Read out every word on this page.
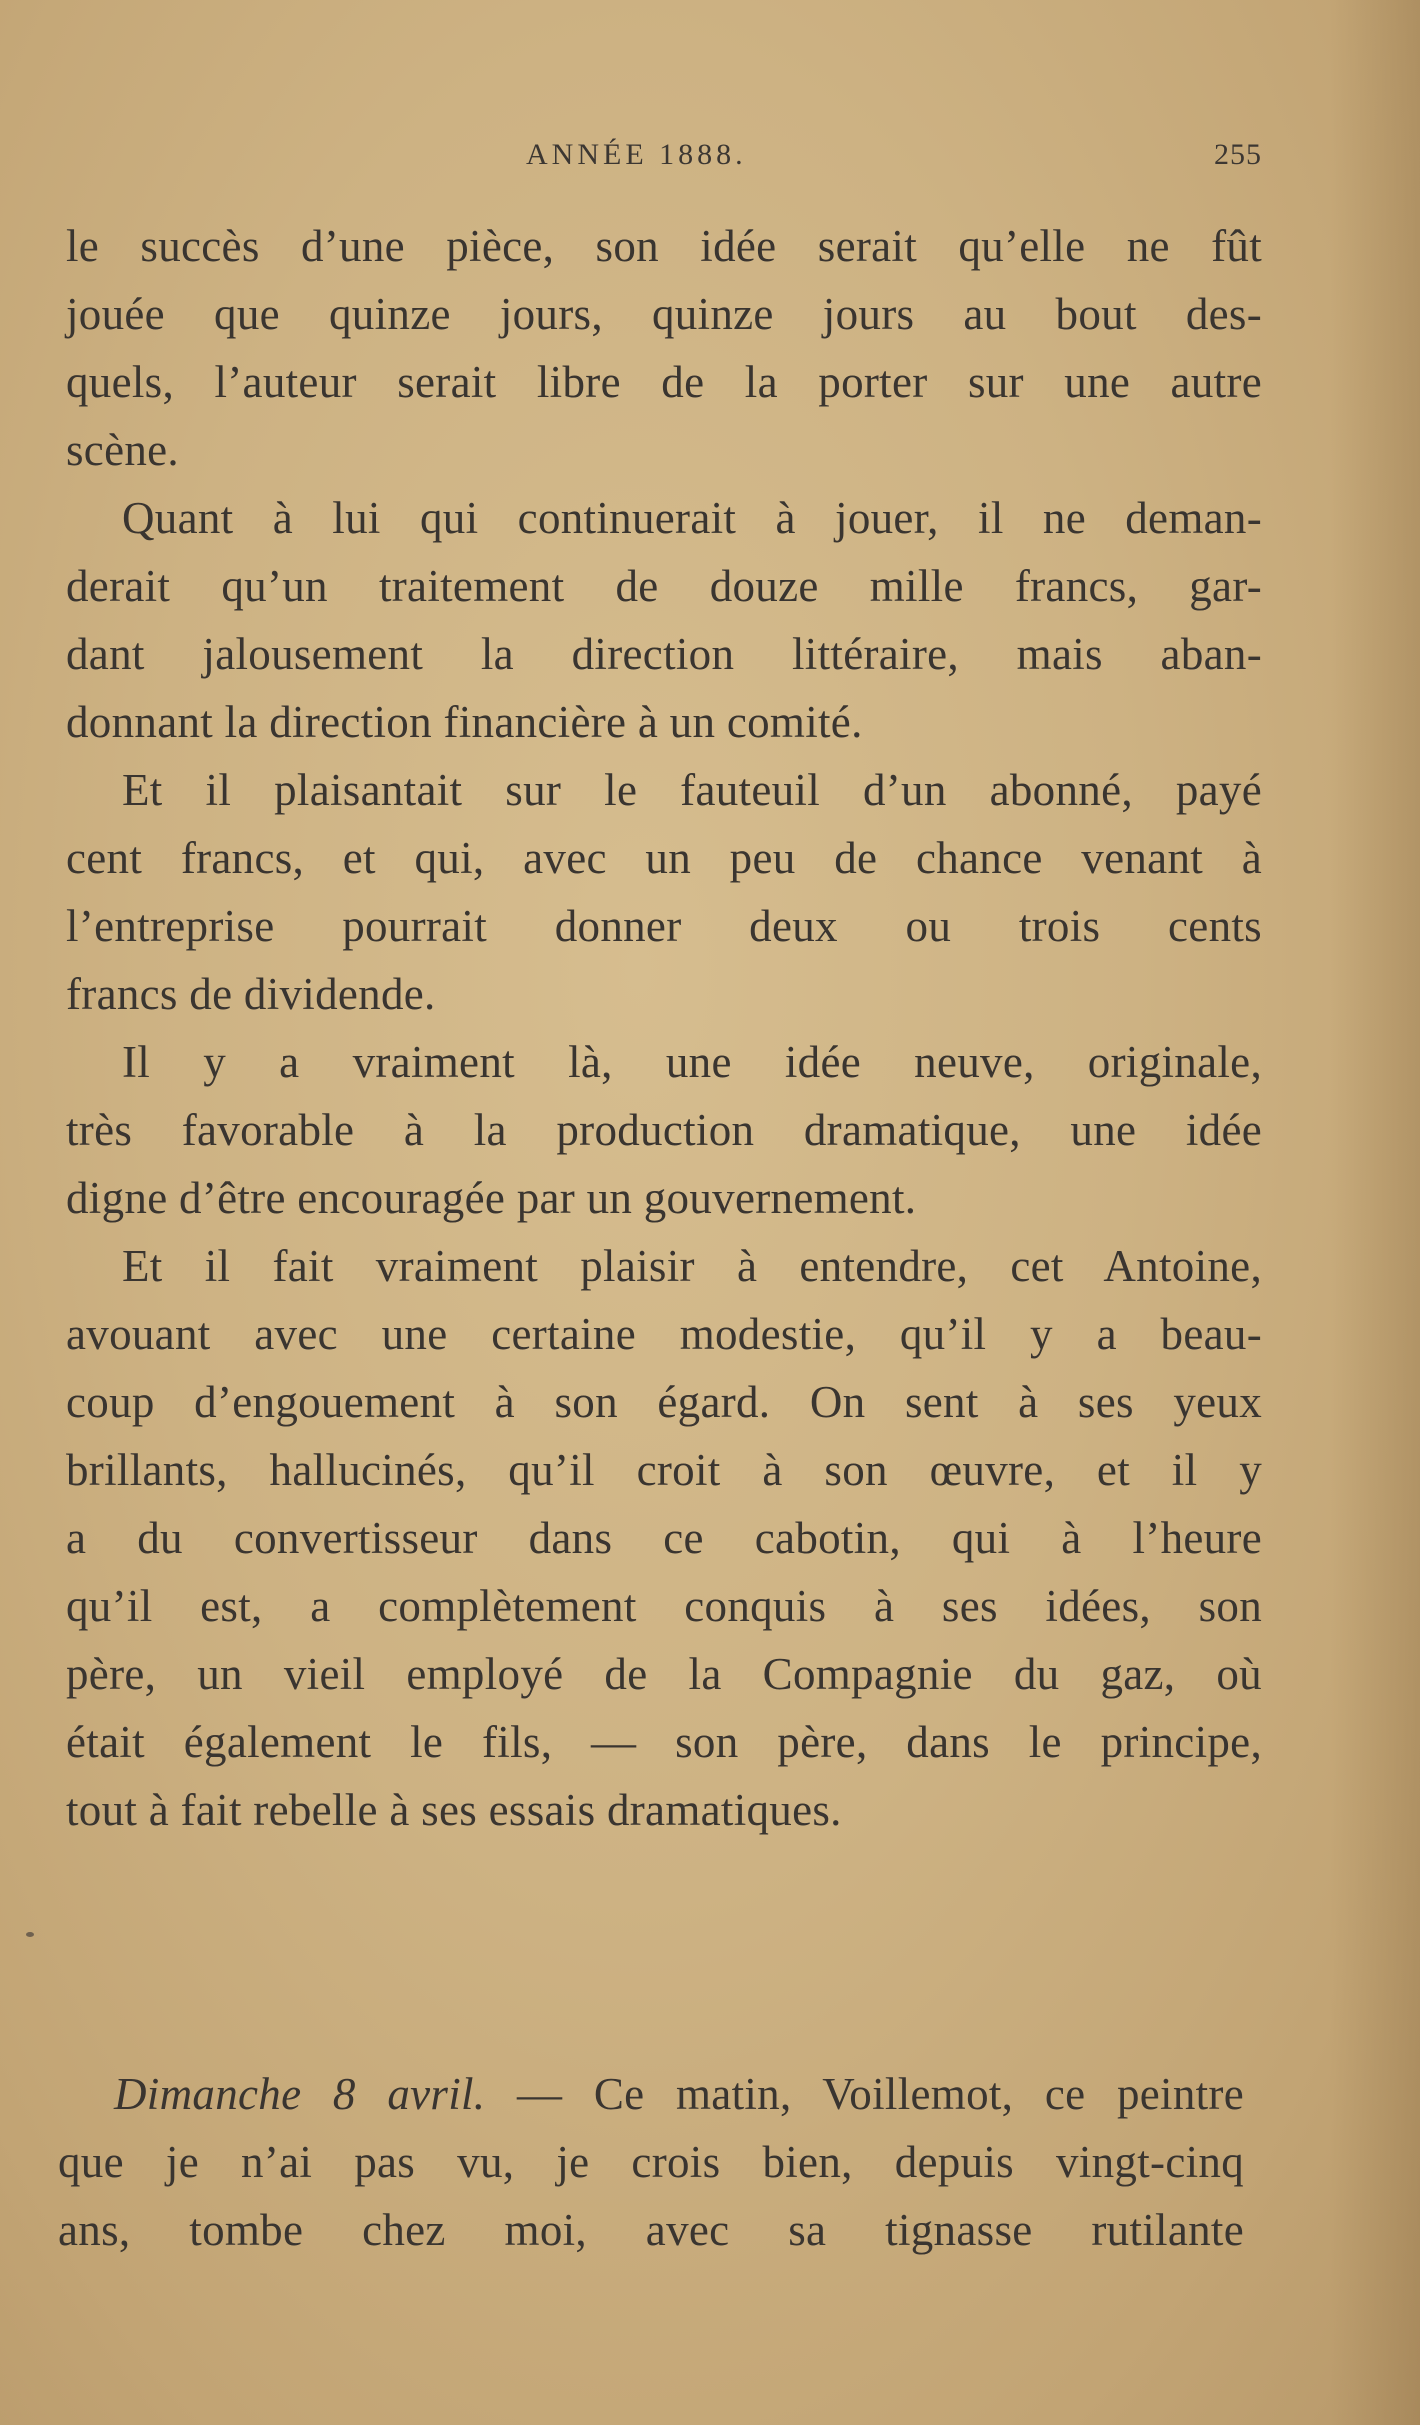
ANNÉE 1888.	255
le succès d’une pièce, son idée serait qu’elle ne fût
jouée que quinze jours, quinze jours au bout des-
quels, l’auteur serait libre de la porter sur une autre
scène.
Quant à lui qui continuerait à jouer, il ne deman-
derait qu’un traitement de douze mille francs, gar-
dant jalousement la direction littéraire, mais aban-
donnant la direction financière à un comité.
Et il plaisantait sur le fauteuil d’un abonné, payé
cent francs, et qui, avec un peu de chance venant à
l’entreprise pourrait donner deux ou trois cents
francs de dividende.
Il y a vraiment là, une idée neuve, originale,
très favorable à la production dramatique, une idée
digne d’être encouragée par un gouvernement.
Et il fait vraiment plaisir à entendre, cet Antoine,
avouant avec une certaine modestie, qu’il y a beau-
coup d’engouement à son égard. On sent à ses yeux
brillants, hallucinés, qu’il croit à son œuvre, et il y
a du convertisseur dans ce cabotin, qui à l’heure
qu’il est, a complètement conquis à ses idées, son
père, un vieil employé de la Compagnie du gaz, où
était également le fils, — son père, dans le principe,
tout à fait rebelle à ses essais dramatiques.
Dimanche 8 avril. — Ce matin, Voillemot, ce peintre
que je n’ai pas vu, je crois bien, depuis vingt-cinq
ans, tombe chez moi, avec sa tignasse rutilante
